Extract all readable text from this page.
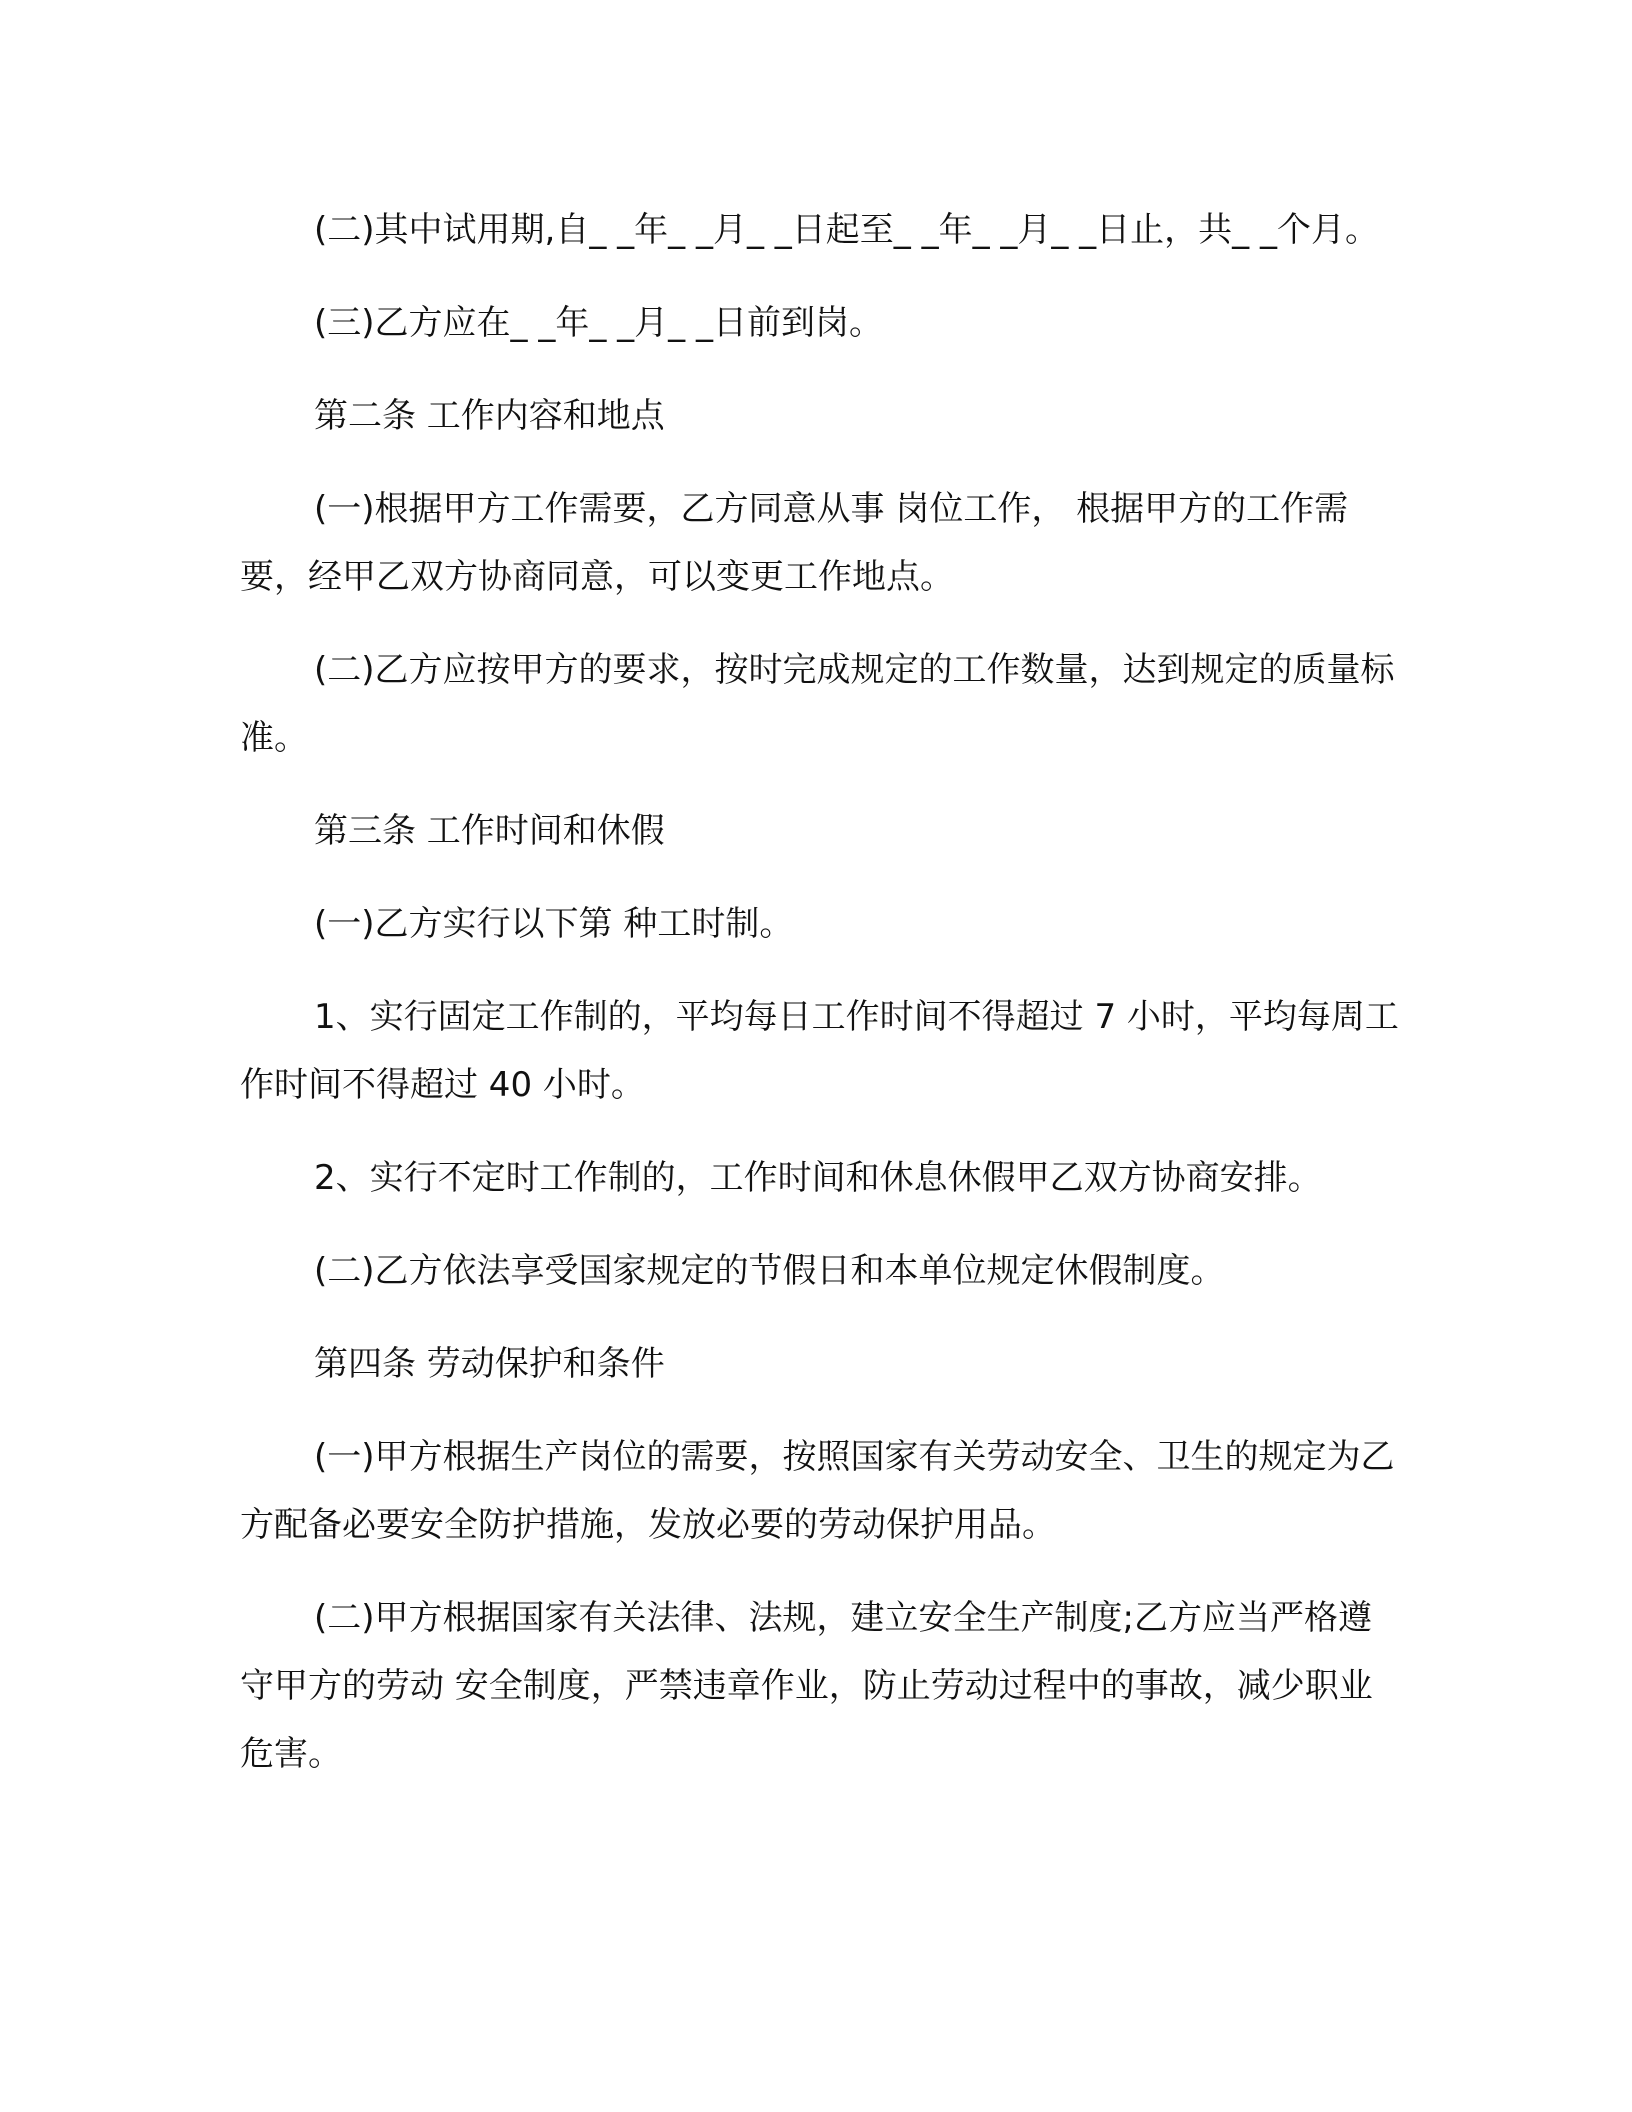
(二)其中试用期,自_ _年_ _月_ _日起至_ _年_ _月_ _日止，共_ _个月。

(三)乙方应在_ _年_ _月_ _日前到岗。

第二条 工作内容和地点

(一)根据甲方工作需要，乙方同意从事 岗位工作， 根据甲方的工作需要，经甲乙双方协商同意，可以变更工作地点。

(二)乙方应按甲方的要求，按时完成规定的工作数量，达到规定的质量标准。

第三条 工作时间和休假

(一)乙方实行以下第 种工时制。

1、实行固定工作制的，平均每日工作时间不得超过 7 小时，平均每周工作时间不得超过 40 小时。

2、实行不定时工作制的，工作时间和休息休假甲乙双方协商安排。

(二)乙方依法享受国家规定的节假日和本单位规定休假制度。

第四条 劳动保护和条件

(一)甲方根据生产岗位的需要，按照国家有关劳动安全、卫生的规定为乙方配备必要安全防护措施，发放必要的劳动保护用品。

(二)甲方根据国家有关法律、法规，建立安全生产制度;乙方应当严格遵守甲方的劳动 安全制度，严禁违章作业，防止劳动过程中的事故，减少职业危害。
